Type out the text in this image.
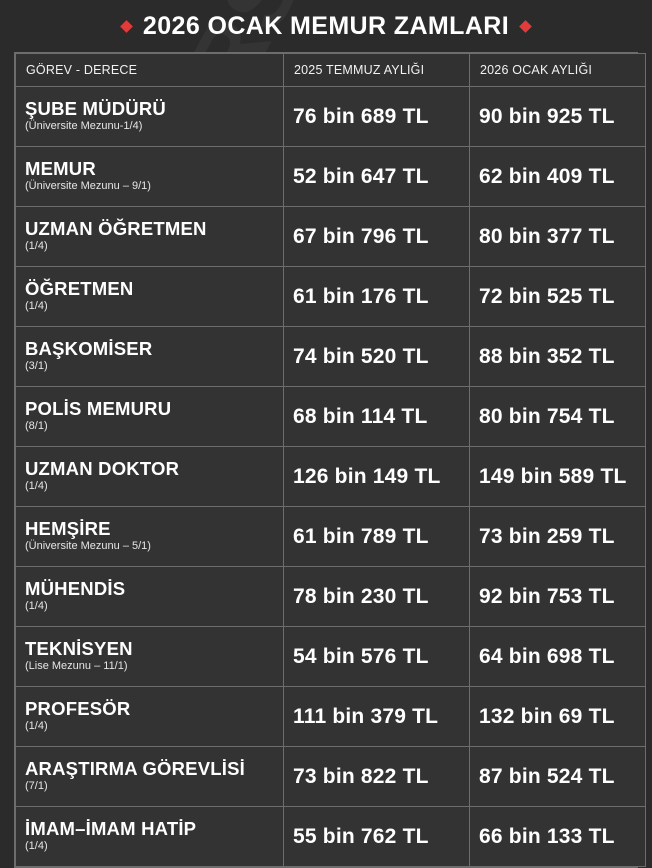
2026 OCAK MEMUR ZAMLARI
GÖREV - DERECE	2025 TEMMUZ AYLIĞI	2026 OCAK AYLIĞI

ŞUBE MÜDÜRÜ
(Üniversite Mezunu-1/4)	76 bin 689 TL	90 bin 925 TL

MEMUR
(Üniversite Mezunu – 9/1)	52 bin 647 TL	62 bin 409 TL

UZMAN ÖĞRETMEN
(1/4)	67 bin 796 TL	80 bin 377 TL

ÖĞRETMEN
(1/4)	61 bin 176 TL	72 bin 525 TL

BAŞKOMİSER
(3/1)	74 bin 520 TL	88 bin 352 TL

POLİS MEMURU
(8/1)	68 bin 114 TL	80 bin 754 TL

UZMAN DOKTOR
(1/4)	126 bin 149 TL	149 bin 589 TL

HEMŞİRE
(Üniversite Mezunu – 5/1)	61 bin 789 TL	73 bin 259 TL

MÜHENDİS
(1/4)	78 bin 230 TL	92 bin 753 TL

TEKNİSYEN
(Lise Mezunu – 11/1)	54 bin 576 TL	64 bin 698 TL

PROFESÖR
(1/4)	111 bin 379 TL	132 bin 69 TL

ARAŞTIRMA GÖREVLİSİ
(7/1)	73 bin 822 TL	87 bin 524 TL

İMAM–İMAM HATİP
(1/4)	55 bin 762 TL	66 bin 133 TL
